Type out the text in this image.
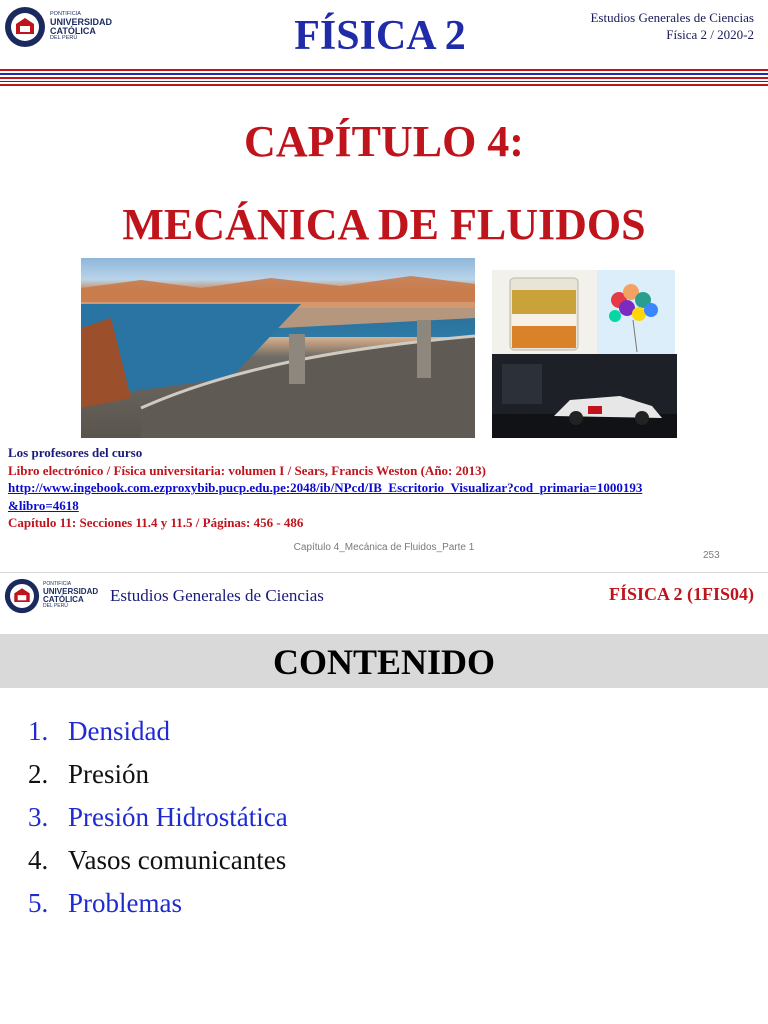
PONTIFICIA
UNIVERSIDAD
CATÓLICA
DEL PERÚ	FÍSICA 2	Estudios Generales de Ciencias
Física 2 / 2020-2
CAPÍTULO 4:
MECÁNICA DE FLUIDOS
Los profesores del curso
Libro electrónico / Física universitaria: volumen I / Sears, Francis Weston (Año: 2013)
http://www.ingebook.com.ezproxybib.pucp.edu.pe:2048/ib/NPcd/IB_Escritorio_Visualizar?cod_primaria=1000193
&libro=4618
Capítulo 11: Secciones 11.4 y 11.5 / Páginas: 456 - 486
Capítulo 4_Mecánica de Fluidos_Parte 1
253
PONTIFICIA
UNIVERSIDAD
CATÓLICA
DEL PERÚ
Estudios Generales de Ciencias	FÍSICA 2 (1FIS04)
CONTENIDO
1. Densidad
2. Presión
3. Presión Hidrostática
4. Vasos comunicantes
5. Problemas
